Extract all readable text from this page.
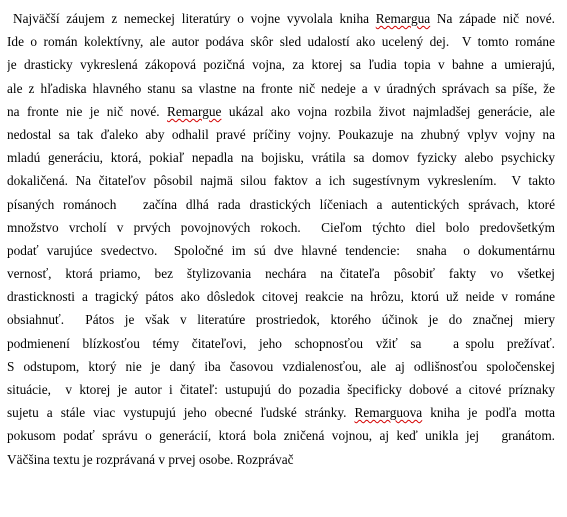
Najväčší záujem z nemeckej literatúry o vojne vyvolala kniha Remargua Na západe nič nové.
Ide o román kolektívny, ale autor podáva skôr sled udalostí ako ucelený dej.  V tomto románe
je drasticky vykreslená zákopová pozičná vojna, za ktorej sa ľudia topia v bahne a umierajú,
ale z hľadiska hlavného stanu sa vlastne na fronte nič nedeje a v úradných správach sa píše, že
na fronte nie je nič nové. Remargue ukázal ako vojna rozbila život najmladšej generácie, ale
nedostal sa tak ďaleko aby odhalil pravé príčiny vojny. Poukazuje na zhubný vplyv vojny na
mladú generáciu, ktorá, pokiaľ nepadla na bojisku, vrátila sa domov fyzicky alebo psychicky
dokaličená. Na čitateľov pôsobil najmä silou faktov a ich sugestívnym vykreslením.  V takto
písaných románoch   začína dlhá rada drastických líčeniach a autentických správach, ktoré
množstvo vrcholí v prvých povojnových rokoch.  Cieľom týchto diel bolo predovšetkým
podať varujúce svedectvo.  Spoločné im sú dve hlavné tendencie:  snaha  o dokumentárnu
vernosť,  ktorá priamo,  bez  štylizovania  nechára  na čitateľa  pôsobiť  fakty  vo  všetkej
drasticknosti a tragický pátos ako dôsledok citovej reakcie na hrôzu, ktorú už neide v románe
obsiahnuť.  Pátos je však v literatúre prostriedok, ktorého účinok je do značnej miery
podmienení  blízkosťou  témy  čitateľovi,  jeho  schopnosťou  vžiť  sa     a spolu  prežívať.
S odstupom, ktorý nie je daný iba časovou vzdialenosťou, ale aj odlišnosťou spoločenskej
situácie,  v ktorej je autor i čitateľ: ustupujú do pozadia špecificky dobové a citové príznaky
sujetu a stále viac vystupujú jeho obecné ľudské stránky. Remarguova kniha je podľa motta
pokusom podať správu o generácií, ktorá bola zničená vojnou, aj keď unikla jej   granátom.
Väčšina textu je rozprávaná v prvej osobe. Rozprávač
